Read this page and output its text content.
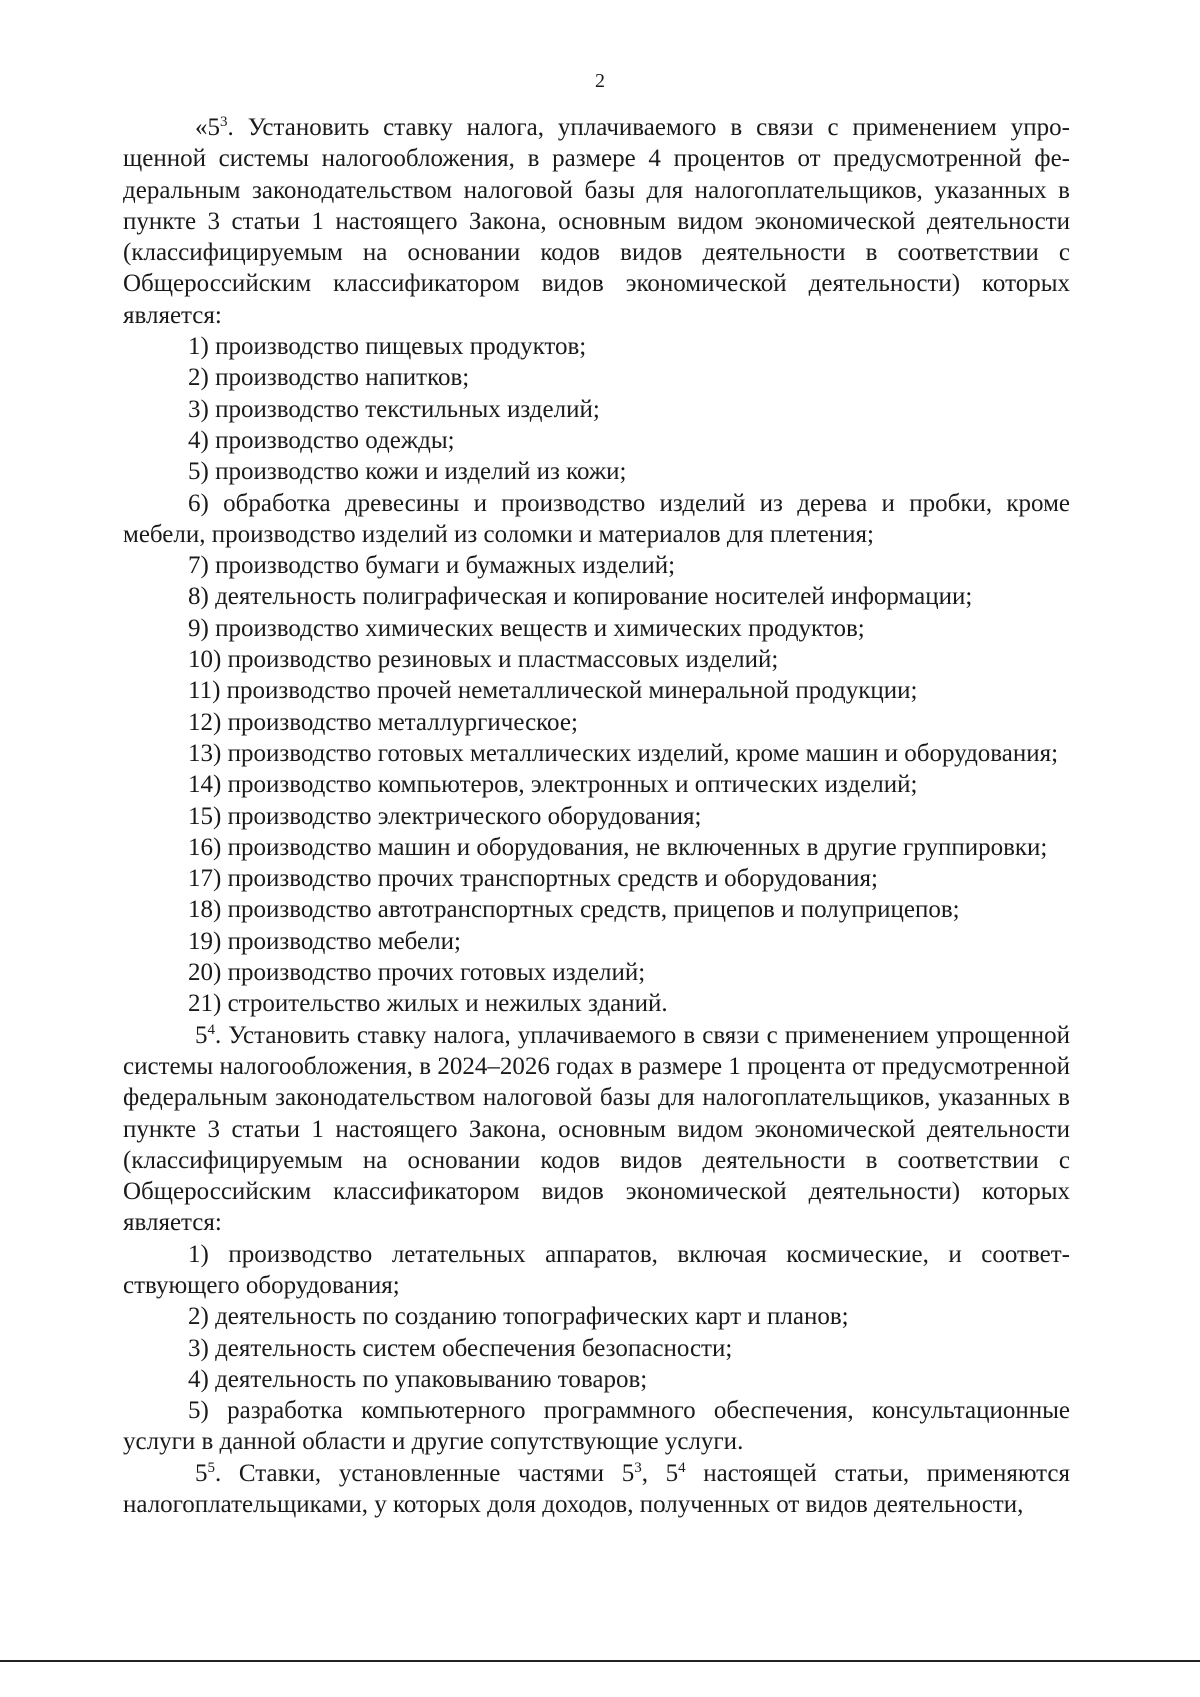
2

«$5^3$. Установить ставку налога, уплачиваемого в связи с применением упрощенной системы налогообложения, в размере 4 процентов от предусмотренной федеральным законодательством налоговой базы для налогоплательщиков, указанных в пункте 3 статьи 1 настоящего Закона, основным видом экономической деятельности (классифицируемым на основании кодов видов деятельности в соответствии с Общероссийским классификатором видов экономической деятельности) которых является:

1) производство пищевых продуктов;

2) производство напитков;

3) производство текстильных изделий;

4) производство одежды;

5) производство кожи и изделий из кожи;

6) обработка древесины и производство изделий из дерева и пробки, кроме мебели, производство изделий из соломки и материалов для плетения;

7) производство бумаги и бумажных изделий;

8) деятельность полиграфическая и копирование носителей информации;

9) производство химических веществ и химических продуктов;

10) производство резиновых и пластмассовых изделий;

11) производство прочей неметаллической минеральной продукции;

12) производство металлургическое;

13) производство готовых металлических изделий, кроме машин и оборудования;

14) производство компьютеров, электронных и оптических изделий;

15) производство электрического оборудования;

16) производство машин и оборудования, не включенных в другие группировки;

17) производство прочих транспортных средств и оборудования;

18) производство автотранспортных средств, прицепов и полуприцепов;

19) производство мебели;

20) производство прочих готовых изделий;

21) строительство жилых и нежилых зданий.

$5^4$. Установить ставку налога, уплачиваемого в связи с применением упрощенной системы налогообложения, в 2024–2026 годах в размере 1 процента от предусмотренной федеральным законодательством налоговой базы для налогоплательщиков, указанных в пункте 3 статьи 1 настоящего Закона, основным видом экономической деятельности (классифицируемым на основании кодов видов деятельности в соответствии с Общероссийским классификатором видов экономической деятельности) которых является:

1) производство летательных аппаратов, включая космические, и соответствующего оборудования;

2) деятельность по созданию топографических карт и планов;

3) деятельность систем обеспечения безопасности;

4) деятельность по упаковыванию товаров;

5) разработка компьютерного программного обеспечения, консультационные услуги в данной области и другие сопутствующие услуги.

$5^5$. Ставки, установленные частями $5^3$, $5^4$ настоящей статьи, применяются налогоплательщиками, у которых доля доходов, полученных от видов деятельности,
